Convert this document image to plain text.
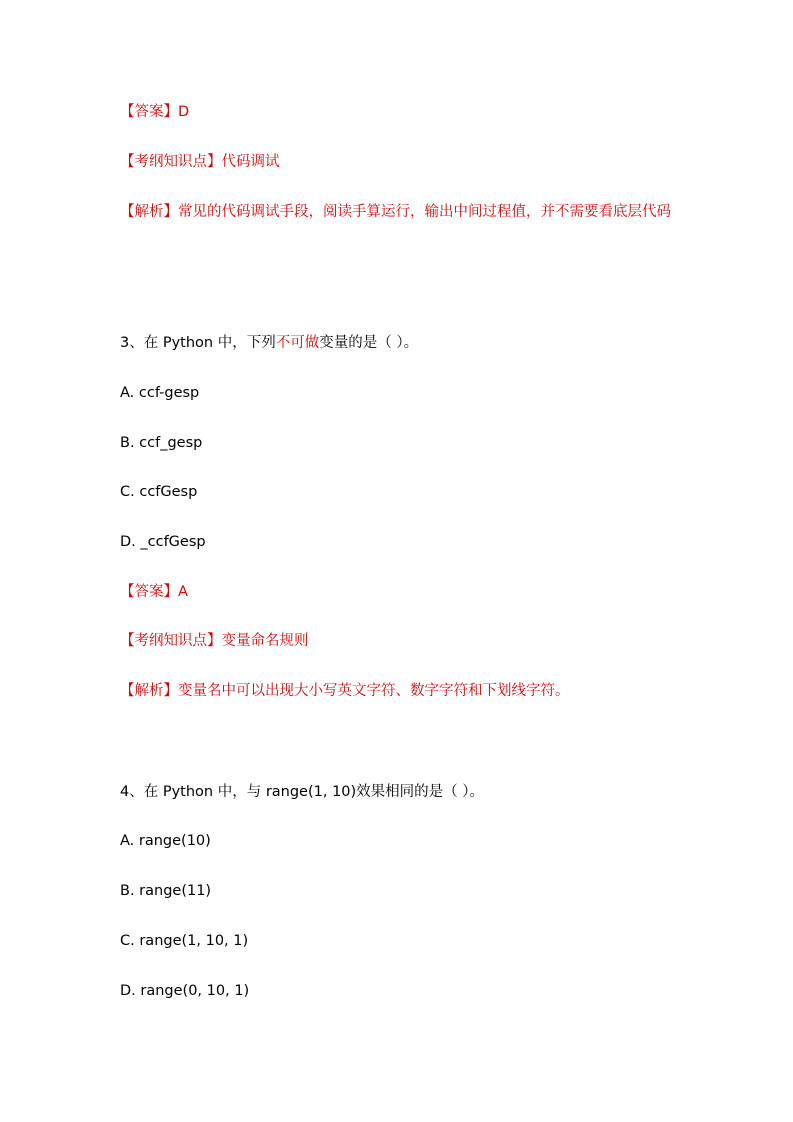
【答案】D
【考纲知识点】代码调试
【解析】常见的代码调试手段，阅读手算运行，输出中间过程值，并不需要看底层代码
3、在 Python 中，下列不可做变量的是（ ）。
A. ccf-gesp
B. ccf_gesp
C. ccfGesp
D. _ccfGesp
【答案】A
【考纲知识点】变量命名规则
【解析】变量名中可以出现大小写英文字符、数字字符和下划线字符。
4、在 Python 中，与 range(1, 10)效果相同的是（ ）。
A. range(10)
B. range(11)
C. range(1, 10, 1)
D. range(0, 10, 1)
